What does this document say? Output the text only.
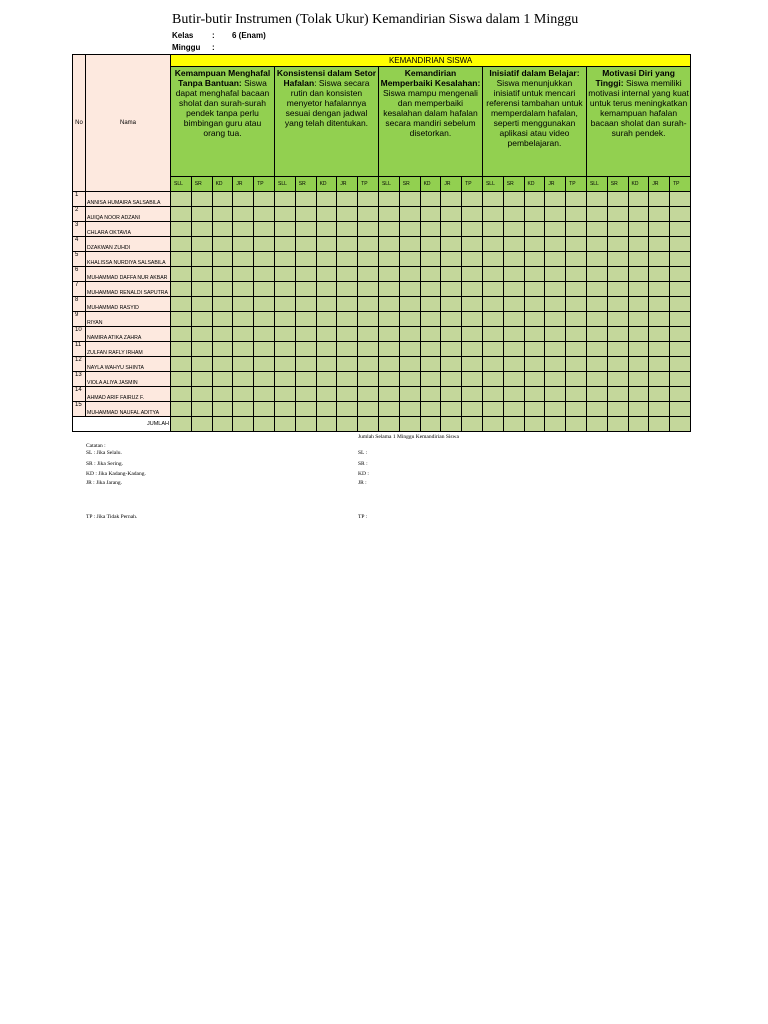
Butir-butir Instrumen (Tolak Ukur) Kemandirian Siswa dalam 1 Minggu
Kelas : 6 (Enam)
Minggu :
No	Nama	KEMANDIRIAN SISWA																								
		Kemampuan Menghafal Tanpa Bantuan: Siswa dapat menghafal bacaan sholat dan surah-surah pendek tanpa perlu bimbingan guru atau orang tua.					Konsistensi dalam Setor Hafalan: Siswa secara rutin dan konsisten menyetor hafalannya sesuai dengan jadwal yang telah ditentukan.					Kemandirian Memperbaiki Kesalahan: Siswa mampu mengenali dan memperbaiki kesalahan dalam hafalan secara mandiri sebelum disetorkan.					Inisiatif dalam Belajar: Siswa menunjukkan inisiatif untuk mencari referensi tambahan untuk memperdalam hafalan, seperti menggunakan aplikasi atau video pembelajaran.					Motivasi Diri yang Tinggi: Siswa memiliki motivasi internal yang kuat untuk terus meningkatkan kemampuan hafalan bacaan sholat dan surah-surah pendek.				
		SLL	SR	KD	JR	TP	SLL	SR	KD	JR	TP	SLL	SR	KD	JR	TP	SLL	SR	KD	JR	TP	SLL	SR	KD	JR	TP
1	ANNISA HUMAIRA SALSABILA																									
2	AUIQA NOOR ADZANI																									
3	CHLARA OKTAVIA																									
4	DZAKWAN ZUHDI																									
5	KHALISSA NURDIYA SALSABILA																									
6	MUHAMMAD DAFFA NUR AKBAR																									
7	MUHAMMAD RENALDI SAPUTRA																									
8	MUHAMMAD RASYID																									
9	RIYAN																									
10	NAMIRA ATIKA ZAHRA																									
11	ZULFAN RAFLY IRHAM																									
12	NAYLA WAHYU SHINTA																									
13	VIOLA ALIYA JASMIN																									
14	AHMAD ARIF FAIRUZ F.																									
15	MUHAMMAD NAUFAL ADITYA																									
JUMLAH																										
Jumlah Selama 1 Minggu Kemandirian Siswa
Catatan :
SL : Jika Selalu.
SR : Jika Sering.
KD : Jika Kadang-Kadang.
JR : Jika Jarang.
TP : Jika Tidak Pernah.
SL :
SR :
KD :
JR :
TP :
